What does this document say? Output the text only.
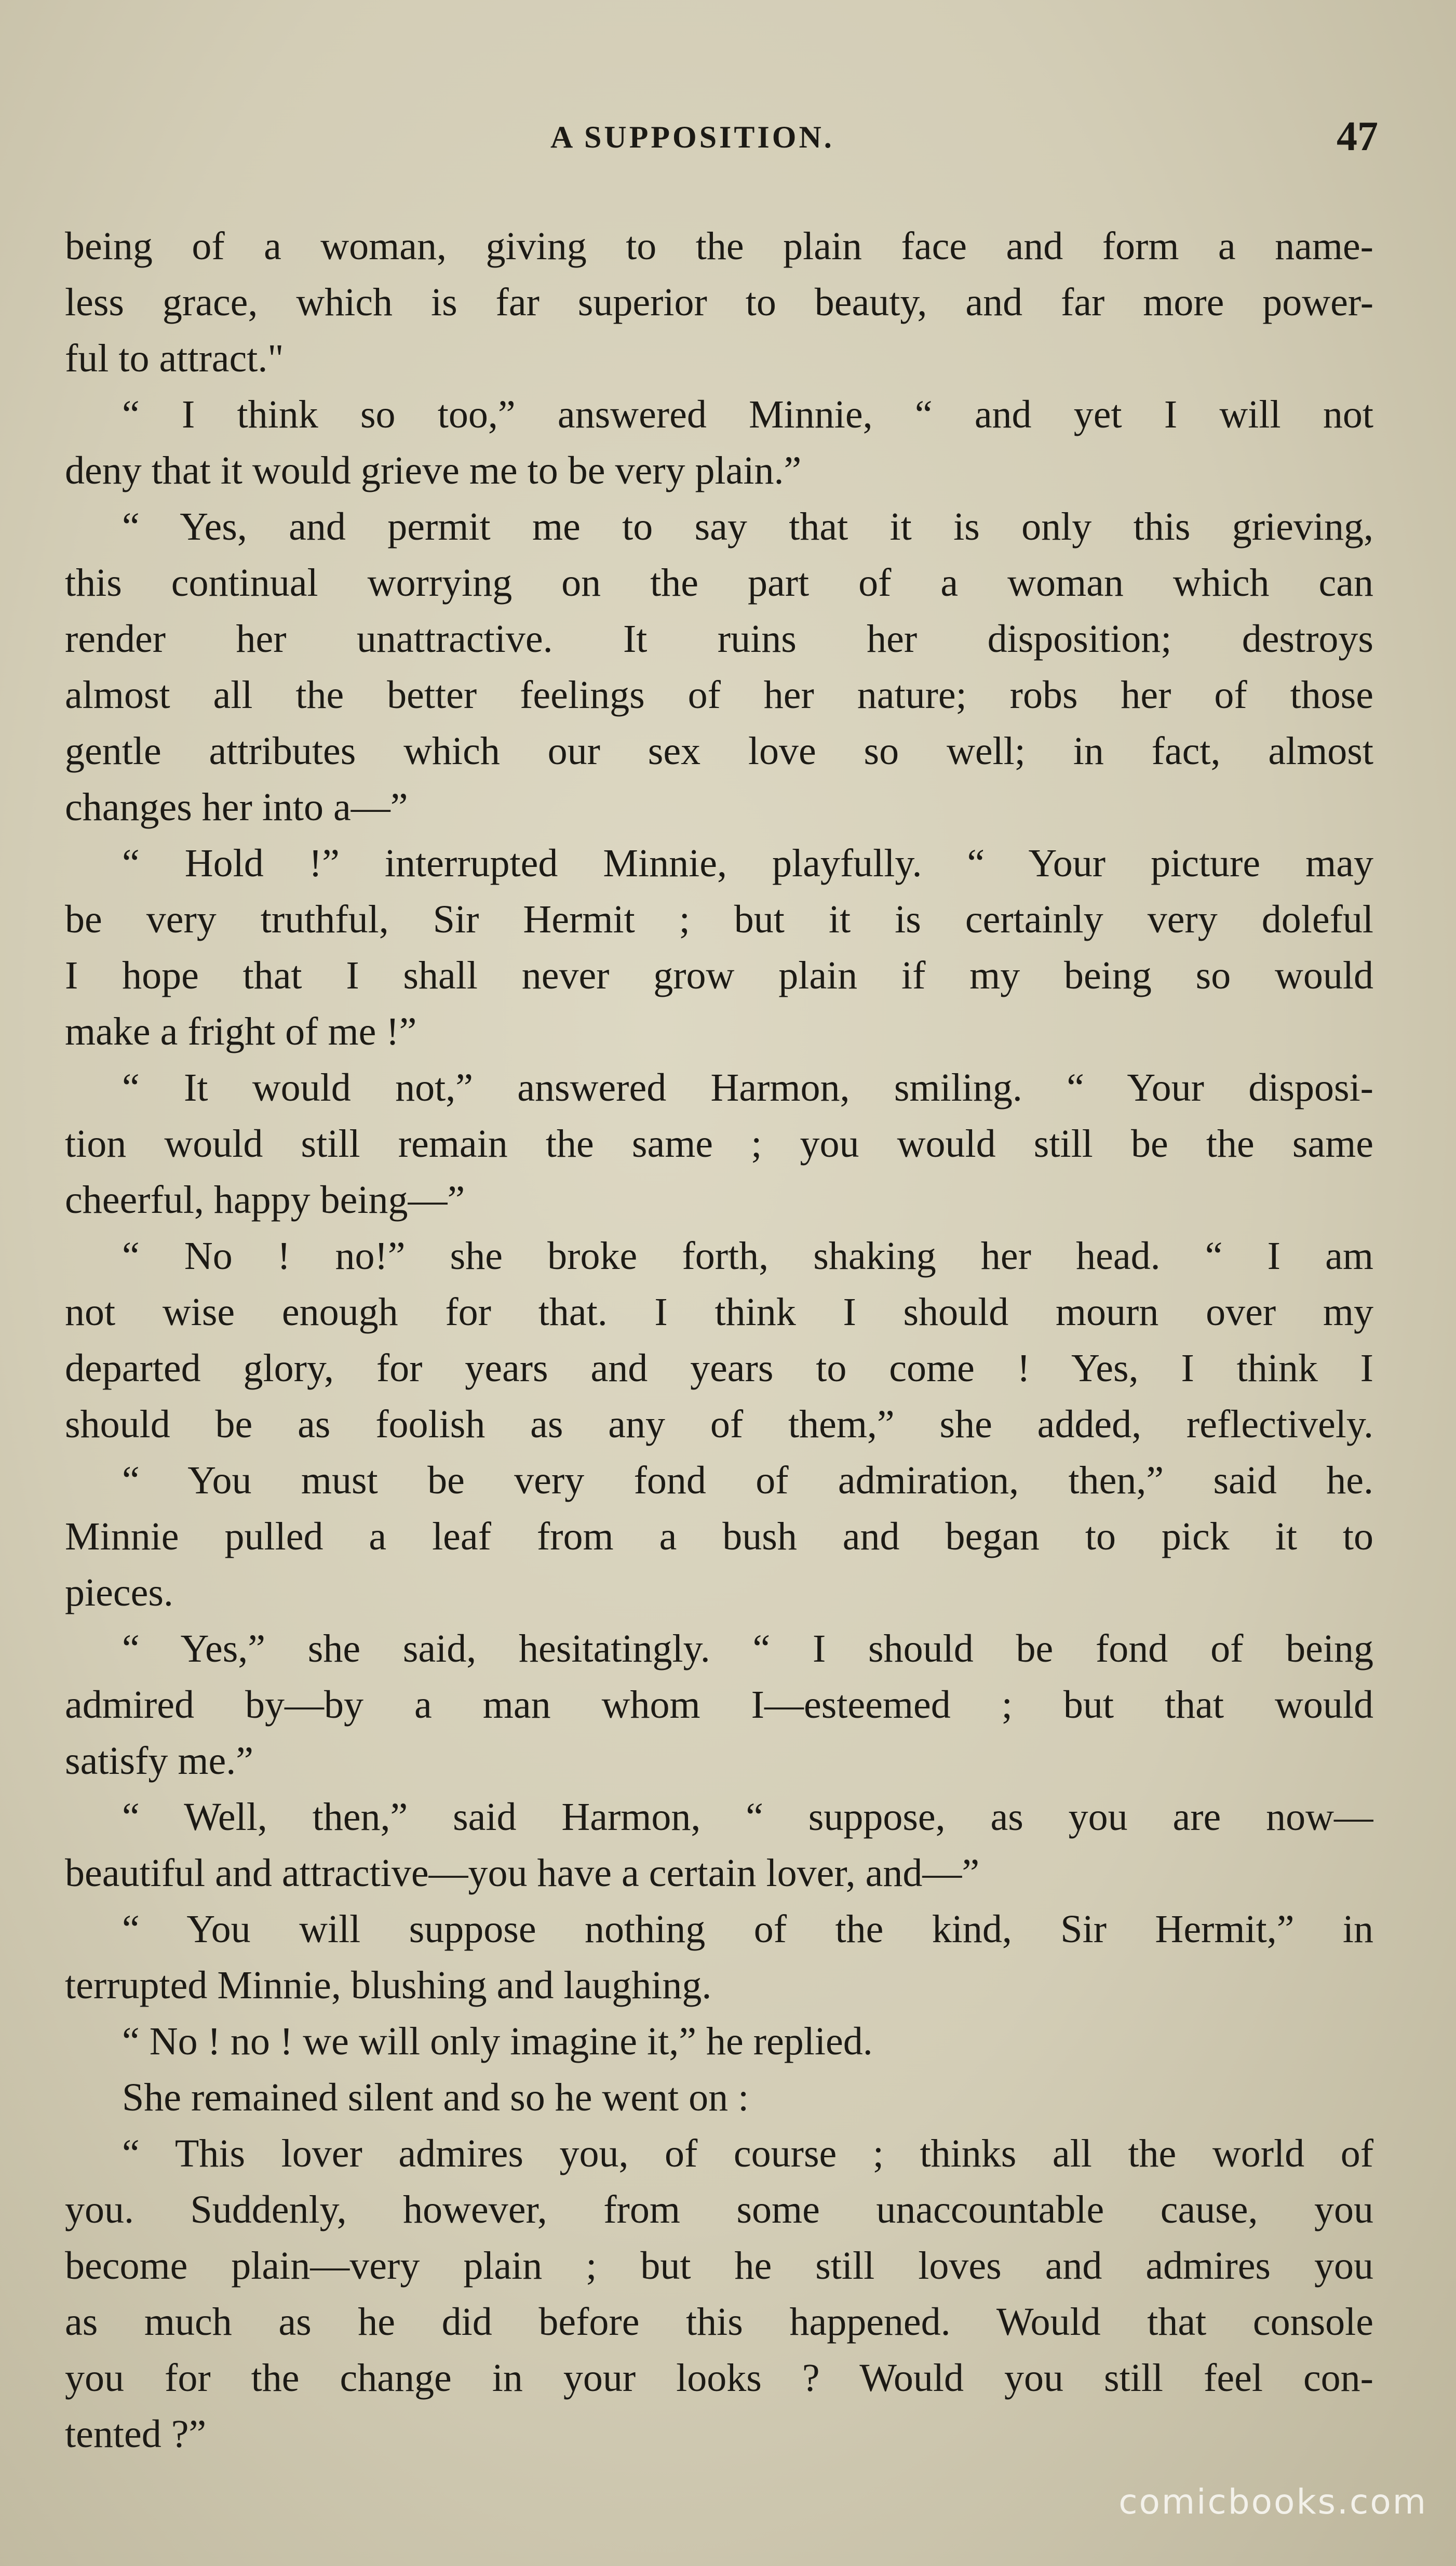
A SUPPOSITION.	47
being of a woman, giving to the plain face and form a name-
less grace, which is far superior to beauty, and far more power-
ful to attract."
“ I think so too,” answered Minnie, “ and yet I will not
deny that it would grieve me to be very plain.”
“ Yes, and permit me to say that it is only this grieving,
this continual worrying on the part of a woman which can
render her unattractive. It ruins her disposition; destroys
almost all the better feelings of her nature; robs her of those
gentle attributes which our sex love so well; in fact, almost
changes her into a—”
“ Hold !” interrupted Minnie, playfully. “ Your picture may
be very truthful, Sir Hermit ; but it is certainly very doleful
I hope that I shall never grow plain if my being so would
make a fright of me !”
“ It would not,” answered Harmon, smiling. “ Your disposi-
tion would still remain the same ; you would still be the same
cheerful, happy being—”
“ No ! no!” she broke forth, shaking her head. “ I am
not wise enough for that. I think I should mourn over my
departed glory, for years and years to come ! Yes, I think I
should be as foolish as any of them,” she added, reflectively.
“ You must be very fond of admiration, then,” said he.
Minnie pulled a leaf from a bush and began to pick it to
pieces.
“ Yes,” she said, hesitatingly. “ I should be fond of being
admired by—by a man whom I—esteemed ; but that would
satisfy me.”
“ Well, then,” said Harmon, “ suppose, as you are now—
beautiful and attractive—you have a certain lover, and—”
“ You will suppose nothing of the kind, Sir Hermit,” in
terrupted Minnie, blushing and laughing.
“ No ! no ! we will only imagine it,” he replied.
She remained silent and so he went on :
“ This lover admires you, of course ; thinks all the world of
you. Suddenly, however, from some unaccountable cause, you
become plain—very plain ; but he still loves and admires you
as much as he did before this happened. Would that console
you for the change in your looks ? Would you still feel con-
tented ?”
comicbooks.com
